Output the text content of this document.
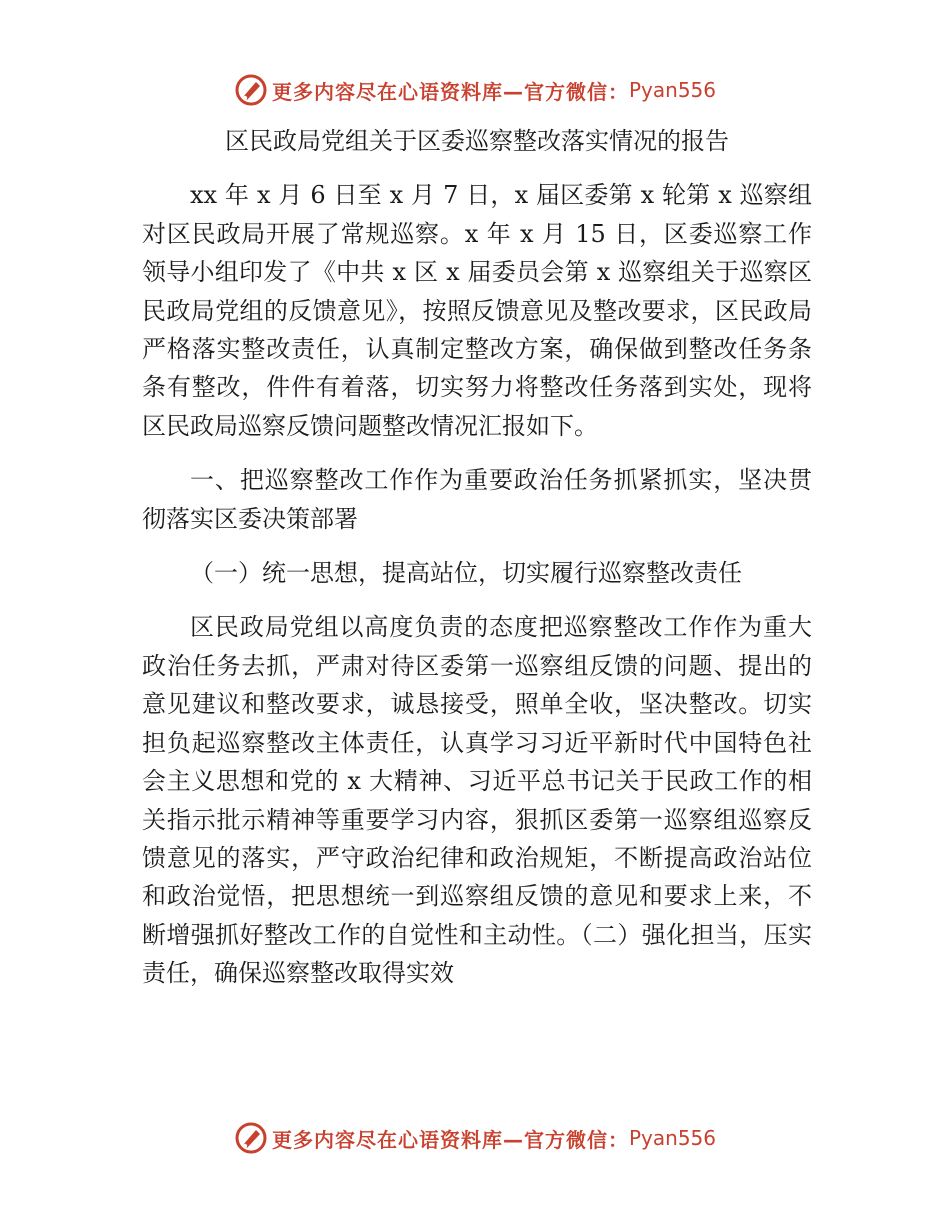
更多内容尽在心语资料库—官方微信： Pyan556
区民政局党组关于区委巡察整改落实情况的报告

xx 年 x 月 6 日至 x 月 7 日，x 届区委第 x 轮第 x 巡察组对区民政局开展了常规巡察。x 年 x 月 15 日，区委巡察工作领导小组印发了《中共 x 区 x 届委员会第 x 巡察组关于巡察区民政局党组的反馈意见》，按照反馈意见及整改要求，区民政局严格落实整改责任，认真制定整改方案，确保做到整改任务条条有整改，件件有着落，切实努力将整改任务落到实处，现将区民政局巡察反馈问题整改情况汇报如下。

一、把巡察整改工作作为重要政治任务抓紧抓实，坚决贯彻落实区委决策部署

（一）统一思想，提高站位，切实履行巡察整改责任

区民政局党组以高度负责的态度把巡察整改工作作为重大政治任务去抓，严肃对待区委第一巡察组反馈的问题、提出的意见建议和整改要求，诚恳接受，照单全收，坚决整改。切实担负起巡察整改主体责任，认真学习习近平新时代中国特色社会主义思想和党的 x 大精神、习近平总书记关于民政工作的相关指示批示精神等重要学习内容，狠抓区委第一巡察组巡察反馈意见的落实，严守政治纪律和政治规矩，不断提高政治站位和政治觉悟，把思想统一到巡察组反馈的意见和要求上来，不断增强抓好整改工作的自觉性和主动性。（二）强化担当，压实责任，确保巡察整改取得实效

更多内容尽在心语资料库—官方微信： Pyan556
